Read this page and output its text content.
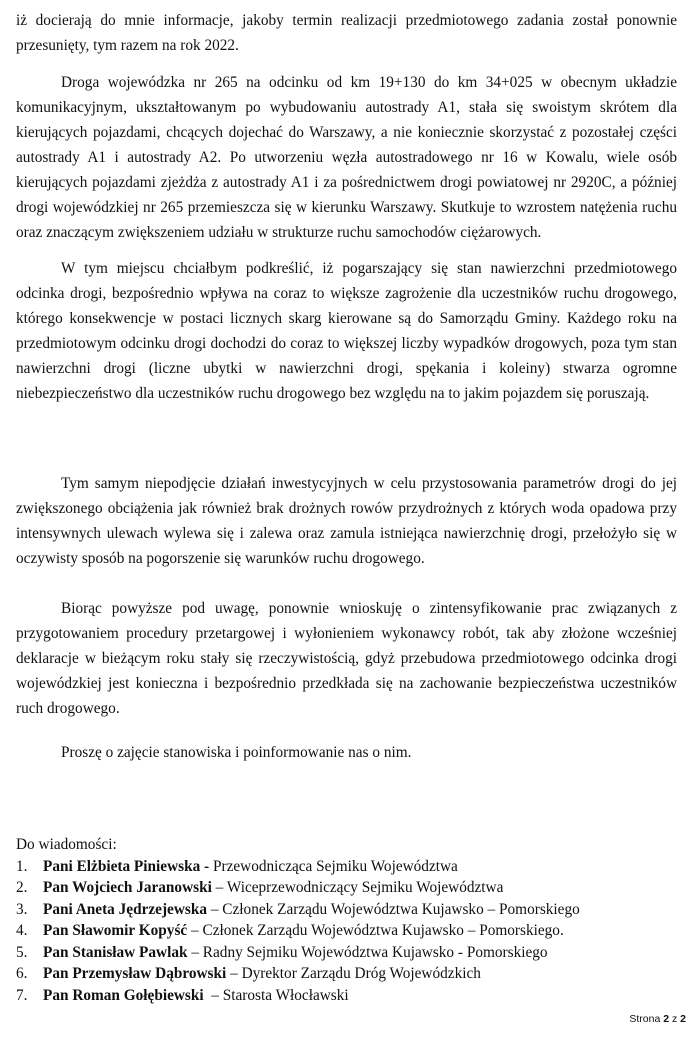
iż docierają do mnie informacje, jakoby termin realizacji przedmiotowego zadania został ponownie przesunięty, tym razem na rok 2022.

Droga wojewódzka nr 265 na odcinku od km 19+130 do km 34+025 w obecnym układzie komunikacyjnym, ukształtowanym po wybudowaniu autostrady A1, stała się swoistym skrótem dla kierujących pojazdami, chcących dojechać do Warszawy, a nie koniecznie skorzystać z pozostałej części autostrady A1 i autostrady A2. Po utworzeniu węzła autostradowego nr 16 w Kowalu, wiele osób kierujących pojazdami zjeżdża z autostrady A1 i za pośrednictwem drogi powiatowej nr 2920C, a później drogi wojewódzkiej nr 265 przemieszcza się w kierunku Warszawy. Skutkuje to wzrostem natężenia ruchu oraz znaczącym zwiększeniem udziału w strukturze ruchu samochodów ciężarowych.

W tym miejscu chciałbym podkreślić, iż pogarszający się stan nawierzchni przedmiotowego odcinka drogi, bezpośrednio wpływa na coraz to większe zagrożenie dla uczestników ruchu drogowego, którego konsekwencje w postaci licznych skarg kierowane są do Samorządu Gminy. Każdego roku na przedmiotowym odcinku drogi dochodzi do coraz to większej liczby wypadków drogowych, poza tym stan nawierzchni drogi (liczne ubytki w nawierzchni drogi, spękania i koleiny) stwarza ogromne niebezpieczeństwo dla uczestników ruchu drogowego bez względu na to jakim pojazdem się poruszają.

Tym samym niepodjęcie działań inwestycyjnych w celu przystosowania parametrów drogi do jej zwiększonego obciążenia jak również brak drożnych rowów przydrożnych z których woda opadowa przy intensywnych ulewach wylewa się i zalewa oraz zamula istniejąca nawierzchnię drogi, przełożyło się w oczywisty sposób na pogorszenie się warunków ruchu drogowego.

Biorąc powyższe pod uwagę, ponownie wnioskuję o zintensyfikowanie prac związanych z przygotowaniem procedury przetargowej i wyłonieniem wykonawcy robót, tak aby złożone wcześniej deklaracje w bieżącym roku stały się rzeczywistością, gdyż przebudowa przedmiotowego odcinka drogi wojewódzkiej jest konieczna i bezpośrednio przedkłada się na zachowanie bezpieczeństwa uczestników ruch drogowego.

Proszę o zajęcie stanowiska i poinformowanie nas o nim.

Do wiadomości:
1.	Pani Elżbieta Piniewska - Przewodnicząca Sejmiku Województwa
2.	Pan Wojciech Jaranowski – Wiceprzewodniczący Sejmiku Województwa
3.	Pani Aneta Jędrzejewska – Członek Zarządu Województwa Kujawsko – Pomorskiego
4.	Pan Sławomir Kopyść – Członek Zarządu Województwa Kujawsko – Pomorskiego.
5.	Pan Stanisław Pawlak – Radny Sejmiku Województwa Kujawsko - Pomorskiego
6.	Pan Przemysław Dąbrowski – Dyrektor Zarządu Dróg Wojewódzkich
7.	Pan Roman Gołębiewski – Starosta Włocławski
Strona 2 z 2
